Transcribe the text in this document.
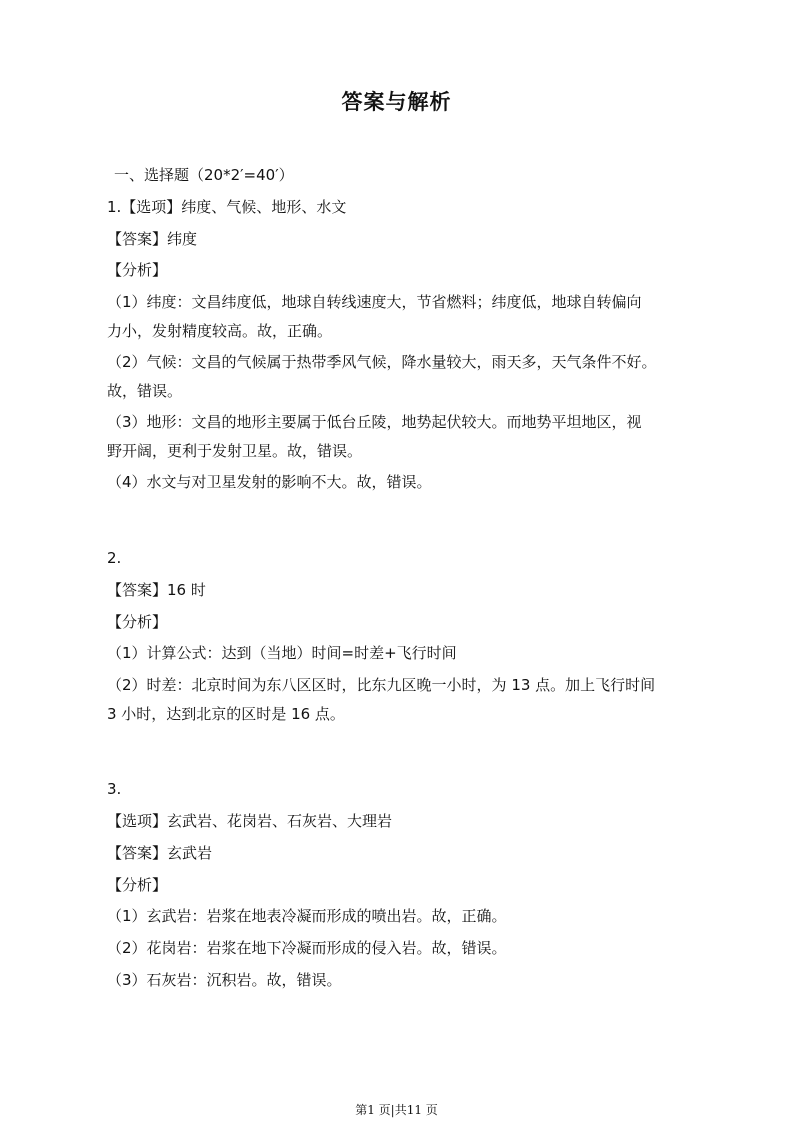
答案与解析
一、选择题（20*2′=40′）
1.【选项】纬度、气候、地形、水文
【答案】纬度
【分析】
（1）纬度：文昌纬度低，地球自转线速度大，节省燃料；纬度低，地球自转偏向
力小，发射精度较高。故，正确。
（2）气候：文昌的气候属于热带季风气候，降水量较大，雨天多，天气条件不好。
故，错误。
（3）地形：文昌的地形主要属于低台丘陵，地势起伏较大。而地势平坦地区，视
野开阔，更利于发射卫星。故，错误。
（4）水文与对卫星发射的影响不大。故，错误。
2.
【答案】16 时
【分析】
（1）计算公式：达到（当地）时间=时差+飞行时间
（2）时差：北京时间为东八区区时，比东九区晚一小时，为 13 点。加上飞行时间
3 小时，达到北京的区时是 16 点。
3.
【选项】玄武岩、花岗岩、石灰岩、大理岩
【答案】玄武岩
【分析】
（1）玄武岩：岩浆在地表冷凝而形成的喷出岩。故，正确。
（2）花岗岩：岩浆在地下冷凝而形成的侵入岩。故，错误。
（3）石灰岩：沉积岩。故，错误。
第1 页|共11 页
